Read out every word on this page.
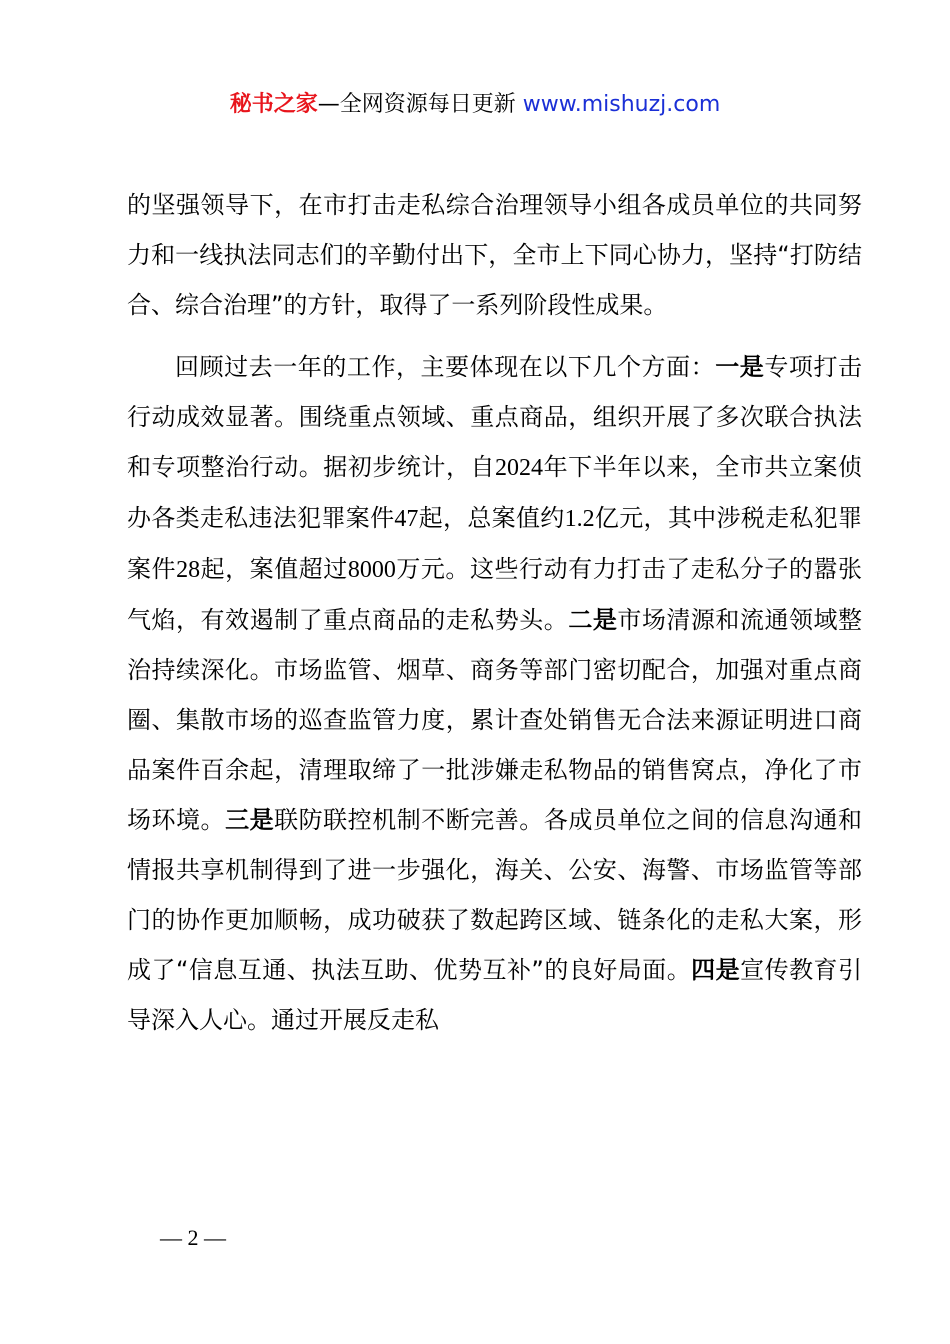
秘书之家—全网资源每日更新 www.mishuzj.com

的坚强领导下，在市打击走私综合治理领导小组各成员单位的共同努力和一线执法同志们的辛勤付出下，全市上下同心协力，坚持“打防结合、综合治理”的方针，取得了一系列阶段性成果。

回顾过去一年的工作，主要体现在以下几个方面：一是专项打击行动成效显著。围绕重点领域、重点商品，组织开展了多次联合执法和专项整治行动。据初步统计，自2024年下半年以来，全市共立案侦办各类走私违法犯罪案件47起，总案值约1.2亿元，其中涉税走私犯罪案件28起，案值超过8000万元。这些行动有力打击了走私分子的嚣张气焰，有效遏制了重点商品的走私势头。二是市场清源和流通领域整治持续深化。市场监管、烟草、商务等部门密切配合，加强对重点商圈、集散市场的巡查监管力度，累计查处销售无合法来源证明进口商品案件百余起，清理取缔了一批涉嫌走私物品的销售窝点，净化了市场环境。三是联防联控机制不断完善。各成员单位之间的信息沟通和情报共享机制得到了进一步强化，海关、公安、海警、市场监管等部门的协作更加顺畅，成功破获了数起跨区域、链条化的走私大案，形成了“信息互通、执法互助、优势互补”的良好局面。四是宣传教育引导深入人心。通过开展反走私

— 2 —
